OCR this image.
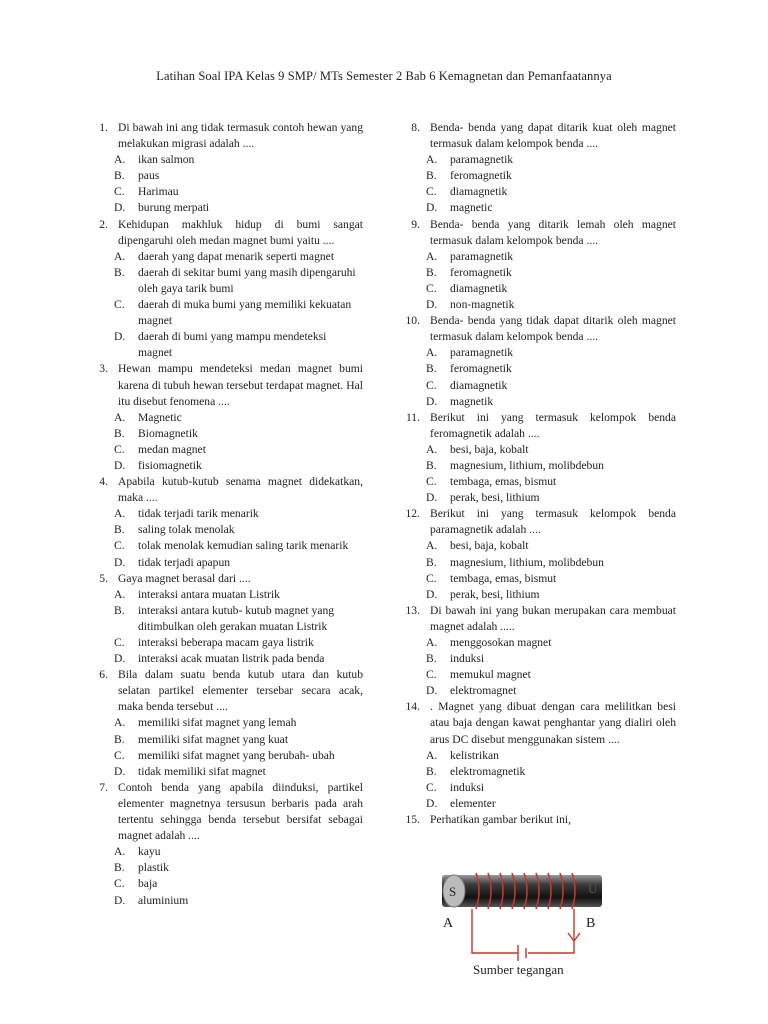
Latihan Soal IPA Kelas 9 SMP/ MTs Semester 2 Bab 6 Kemagnetan dan Pemanfaatannya
1. Di bawah ini ang tidak termasuk contoh hewan yang melakukan migrasi adalah ....
A. ikan salmon
B. paus
C. Harimau
D. burung merpati
2. Kehidupan makhluk hidup di bumi sangat dipengaruhi oleh medan magnet bumi yaitu ....
A. daerah yang dapat menarik seperti magnet
B. daerah di sekitar bumi yang masih dipengaruhi oleh gaya tarik bumi
C. daerah di muka bumi yang memiliki kekuatan magnet
D. daerah di bumi yang mampu mendeteksi magnet
3. Hewan mampu mendeteksi medan magnet bumi karena di tubuh hewan tersebut terdapat magnet. Hal itu disebut fenomena ....
A. Magnetic
B. Biomagnetik
C. medan magnet
D. fisiomagnetik
4. Apabila kutub-kutub senama magnet didekatkan, maka ....
A. tidak terjadi tarik menarik
B. saling tolak menolak
C. tolak menolak kemudian saling tarik menarik
D. tidak terjadi apapun
5. Gaya magnet berasal dari ....
A. interaksi antara muatan Listrik
B. interaksi antara kutub- kutub magnet yang ditimbulkan oleh gerakan muatan Listrik
C. interaksi beberapa macam gaya listrik
D. interaksi acak muatan listrik pada benda
6. Bila dalam suatu benda kutub utara dan kutub selatan partikel elementer tersebar secara acak, maka benda tersebut ....
A. memiliki sifat magnet yang lemah
B. memiliki sifat magnet yang kuat
C. memiliki sifat magnet yang berubah- ubah
D. tidak memiliki sifat magnet
7. Contoh benda yang apabila diinduksi, partikel elementer magnetnya tersusun berbaris pada arah tertentu sehingga benda tersebut bersifat sebagai magnet adalah ....
A. kayu
B. plastik
C. baja
D. aluminium
8. Benda- benda yang dapat ditarik kuat oleh magnet termasuk dalam kelompok benda ....
A. paramagnetik
B. feromagnetik
C. diamagnetik
D. magnetic
9. Benda- benda yang ditarik lemah oleh magnet termasuk dalam kelompok benda ....
A. paramagnetik
B. feromagnetik
C. diamagnetik
D. non-magnetik
10. Benda- benda yang tidak dapat ditarik oleh magnet termasuk dalam kelompok benda ....
A. paramagnetik
B. feromagnetik
C. diamagnetik
D. magnetik
11. Berikut ini yang termasuk kelompok benda feromagnetik adalah ....
A. besi, baja, kobalt
B. magnesium, lithium, molibdebun
C. tembaga, emas, bismut
D. perak, besi, lithium
12. Berikut ini yang termasuk kelompok benda paramagnetik adalah ....
A. besi, baja, kobalt
B. magnesium, lithium, molibdebun
C. tembaga, emas, bismut
D. perak, besi, lithium
13. Di bawah ini yang bukan merupakan cara membuat magnet adalah .....
A. menggosokan magnet
B. induksi
C. memukul magnet
D. elektromagnet
14. . Magnet yang dibuat dengan cara melilitkan besi atau baja dengan kawat penghantar yang dialiri oleh arus DC disebut menggunakan sistem ....
A. kelistrikan
B. elektromagnetik
C. induksi
D. elementer
15. Perhatikan gambar berikut ini,
S	U
A	B
Sumber tegangan
